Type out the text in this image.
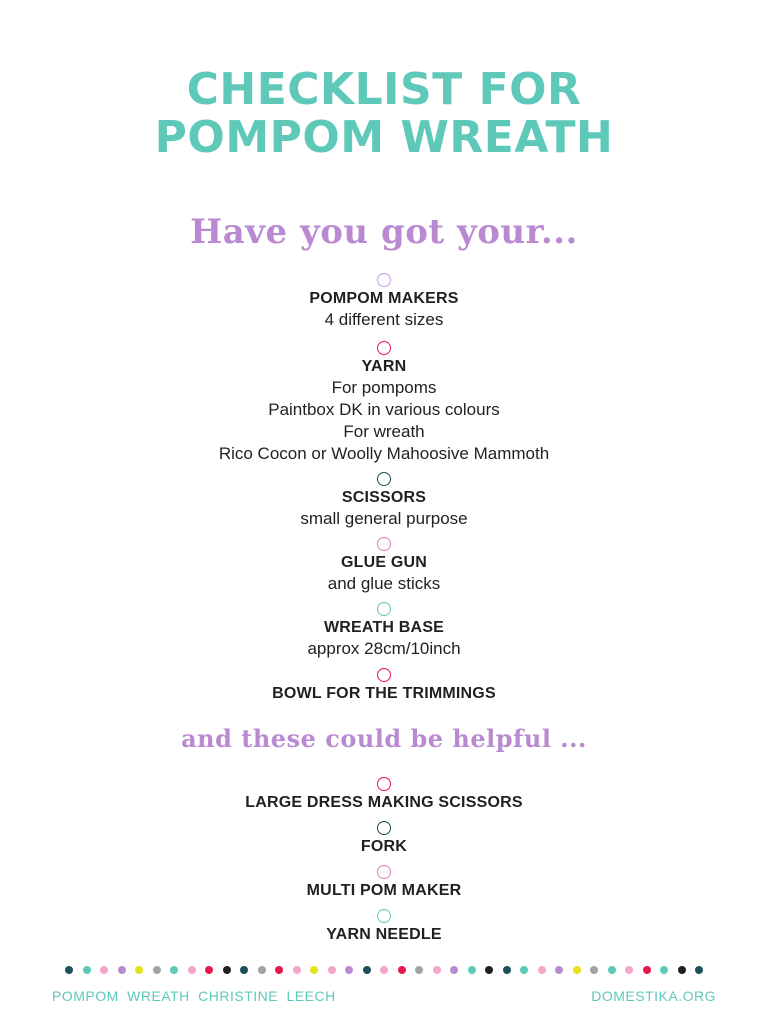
CHECKLIST FOR
POMPOM WREATH

Have you got your...

POMPOM MAKERS
4 different sizes
YARN
For pompoms
Paintbox DK in various colours
For wreath
Rico Cocon or Woolly Mahoosive Mammoth
SCISSORS
small general purpose
GLUE GUN
and glue sticks
WREATH BASE
approx 28cm/10inch
BOWL FOR THE TRIMMINGS

and these could be helpful ...

LARGE DRESS MAKING SCISSORS
FORK
MULTI POM MAKER
YARN NEEDLE
POMPOM WREATH CHRISTINE LEECH	DOMESTIKA.ORG
